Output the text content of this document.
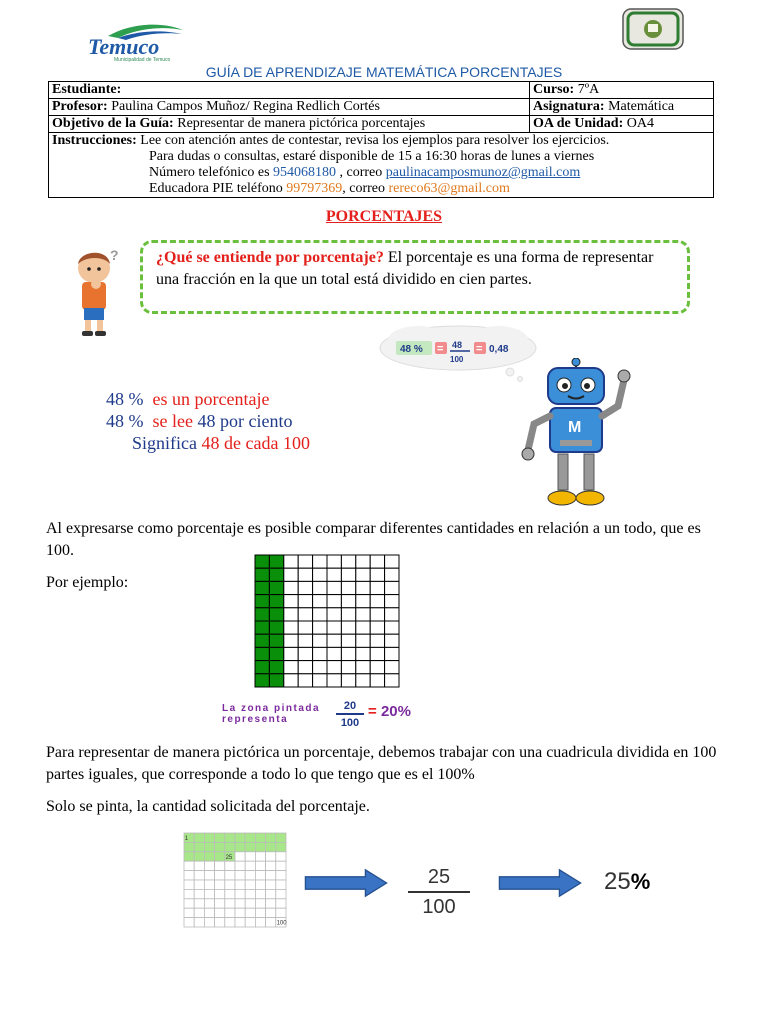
Temuco
Municipalidad de Temuco
GUÍA DE APRENDIZAJE MATEMÁTICA PORCENTAJES
Estudiante:	Curso: 7ºA
Profesor: Paulina Campos Muñoz/ Regina Redlich Cortés	Asignatura: Matemática
Objetivo de la Guía: Representar de manera pictórica porcentajes	OA de Unidad: OA4
Instrucciones: Lee con atención antes de contestar, revisa los ejemplos para resolver los ejercicios.
Para dudas o consultas, estaré disponible de 15 a 16:30 horas de lunes a viernes
Número telefónico es 954068180 , correo paulinacamposmunoz@gmail.com
Educadora PIE teléfono 99797369, correo rereco63@gmail.com	
PORCENTAJES
? ¿Qué se entiende por porcentaje? El porcentaje es una forma de representar una fracción en la que un total está dividido en cien partes.
48 % = 48
100
= 0,48
M
48 % es un porcentaje
48 % se lee 48 por ciento
Significa 48 de cada 100
Al expresarse como porcentaje es posible comparar diferentes cantidades en relación a un todo, que es 100.
Por ejemplo:
La zona pintada
representa	$\frac{20}{100} = 20\%$
Para representar de manera pictórica un porcentaje, debemos trabajar con una cuadricula dividida en 100 partes iguales, que corresponde a todo lo que tengo que es el 100%
Solo se pinta, la cantidad solicitada del porcentaje.
1
25
100
$\frac{25}{100}$	25%
